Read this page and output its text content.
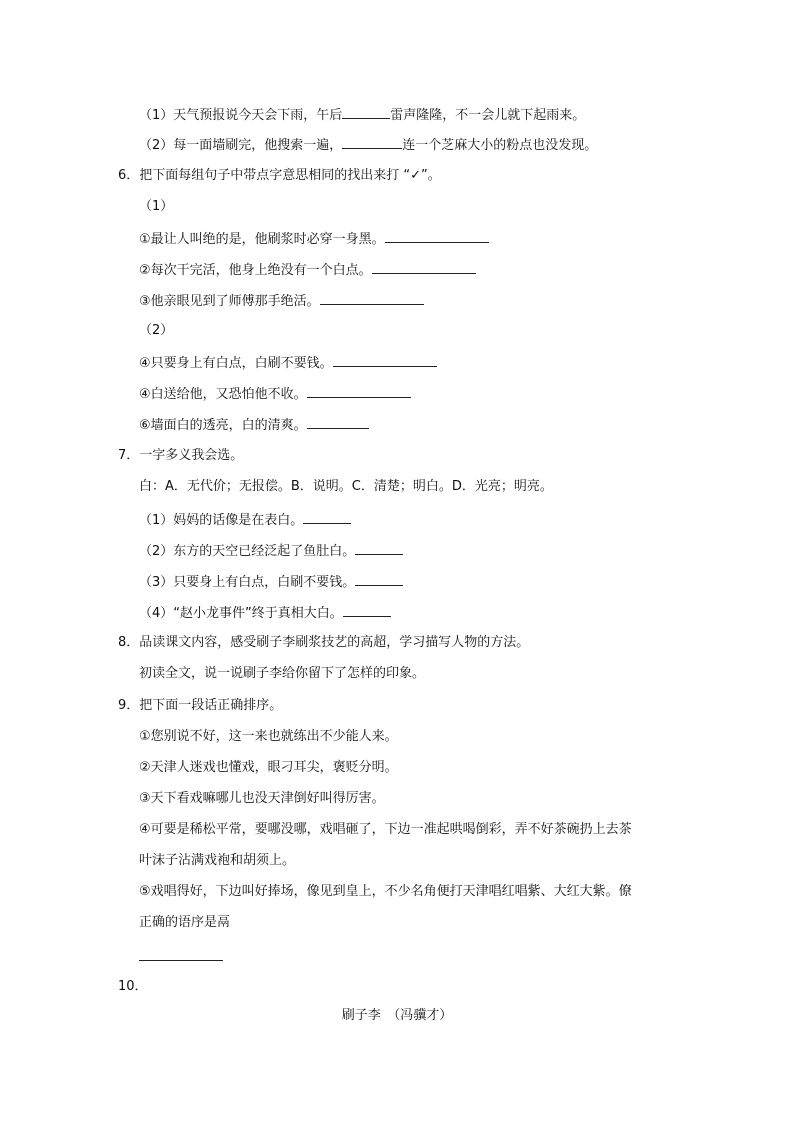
（1）天气预报说今天会下雨，午后	雷声隆隆，不一会儿就下起雨来。
（2）每一面墙刷完，他搜索一遍，	连一个芝麻大小的粉点也没发现。
6．把下面每组句子中带点字意思相同的找出来打 “✓”。
（1）
①最让人叫绝的是，他刷浆时必穿一身黑。
②每次干完活，他身上绝没有一个白点。
③他亲眼见到了师傅那手绝活。
（2）
④只要身上有白点，白刷不要钱。
④白送给他，又恐怕他不收。
⑥墙面白的透亮，白的清爽。
7．一字多义我会选。
白：A．无代价；无报偿。B．说明。C．清楚；明白。D．光亮；明亮。
（1）妈妈的话像是在表白。
（2）东方的天空已经泛起了鱼肚白。
（3）只要身上有白点，白刷不要钱。
（4）“赵小龙事件”终于真相大白。
8．品读课文内容，感受刷子李刷浆技艺的高超，学习描写人物的方法。
初读全文，说一说刷子李给你留下了怎样的印象。
9．把下面一段话正确排序。
①您别说不好，这一来也就练出不少能人来。
②天津人迷戏也懂戏，眼刁耳尖，褒贬分明。
③天下看戏嘛哪儿也没天津倒好叫得厉害。
④可要是稀松平常，要哪没哪，戏唱砸了，下边一准起哄喝倒彩，弄不好茶碗扔上去茶
叶沫子沾满戏袍和胡须上。
⑤戏唱得好，下边叫好捧场，像见到皇上，不少名角便打天津唱红唱紫、大红大紫。僚
正确的语序是鬲
10．
刷子李　（冯骥才）
